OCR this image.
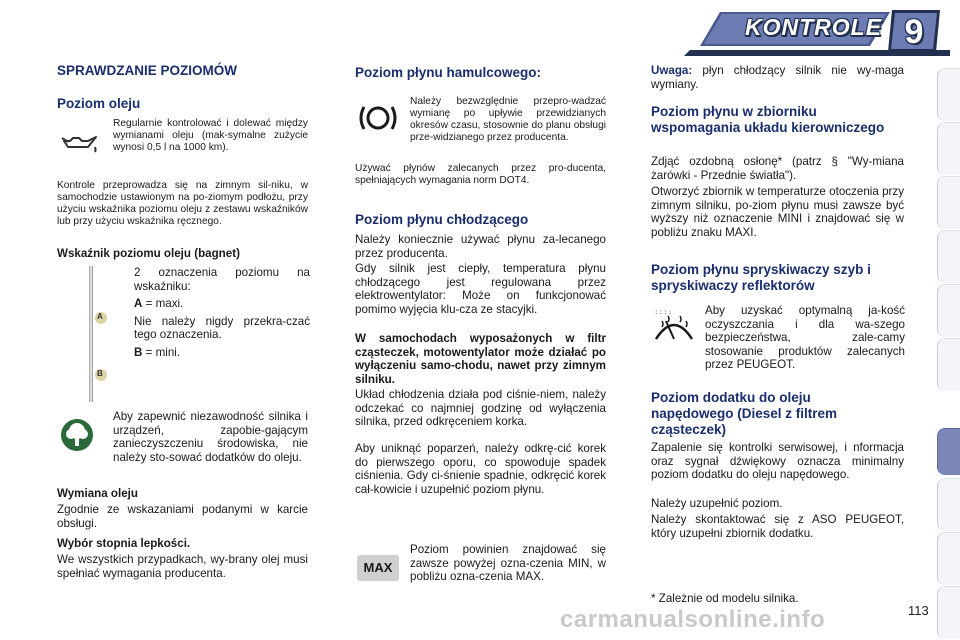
KONTROLE 9
SPRAWDZANIE POZIOMÓW
Poziom oleju
Regularnie kontrolować i dolewać między wymianami oleju (mak-symalne zużycie wynosi 0,5 l na 1000 km).
Kontrole przeprowadza się na zimnym sil-niku, w samochodzie ustawionym na po-ziomym podłożu, przy użyciu wskaźnika poziomu oleju z zestawu wskaźników lub przy użyciu wskaźnika ręcznego.
Wskaźnik poziomu oleju (bagnet)
A
B

2 oznaczenia poziomu na wskaźniku:

A = maxi.

Nie należy nigdy przekra-czać tego oznaczenia.

B = mini.

Aby zapewnić niezawodność silnika i urządzeń, zapobie-gającym zanieczyszczeniu środowiska, nie należy sto-sować dodatków do oleju.
Wymiana oleju
Zgodnie ze wskazaniami podanymi w karcie obsługi.
Wybór stopnia lepkości.
We wszystkich przypadkach, wy-brany olej musi spełniać wymagania producenta.
Poziom płynu hamulcowego:
Należy bezwzględnie przepro-wadzać wymianę po upływie przewidzianych okresów czasu, stosownie do planu obsługi prze-widzianego przez producenta.
Używać płynów zalecanych przez pro-ducenta, spełniających wymagania norm DOT4.
Poziom płynu chłodzącego
Należy koniecznie używać płynu za-lecanego przez producenta.
Gdy silnik jest ciepły, temperatura płynu chłodzącego jest regulowana przez elektrowentylator: Może on funkcjonować pomimo wyjęcia klu-cza ze stacyjki.
W samochodach wyposażonych w filtr cząsteczek, motowentylator może działać po wyłączeniu samo-chodu, nawet przy zimnym silniku.
Układ chłodzenia działa pod ciśnie-niem, należy odczekać co najmniej godzinę od wyłączenia silnika, przed odkręceniem korka.
Aby uniknąć poparzeń, należy odkrę-cić korek do pierwszego oporu, co spowoduje spadek ciśnienia. Gdy ci-śnienie spadnie, odkręcić korek cał-kowicie i uzupełnić poziom płynu.
MAX
Poziom powinien znajdować się zawsze powyżej ozna-czenia MIN, w pobliżu ozna-czenia MAX.
Uwaga: płyn chłodzący silnik nie wy-maga wymiany.
Poziom płynu w zbiorniku wspomagania układu kierowniczego
Zdjąć ozdobną osłonę* (patrz § "Wy-miana żarówki - Przednie światła").
Otworzyć zbiornik w temperaturze otoczenia przy zimnym silniku, po-ziom płynu musi zawsze być wyższy niż oznaczenie MINI i znajdować się w pobliżu znaku MAXI.
Poziom płynu spryskiwaczy szyb i spryskiwaczy reflektorów
: : : :	Aby uzyskać optymalną ja-kość oczyszczania i dla wa-szego bezpieczeństwa, zale-camy stosowanie produktów zalecanych przez PEUGEOT.
Poziom dodatku do oleju napędowego (Diesel z filtrem cząsteczek)
Zapalenie się kontrolki serwisowej, i nformacja oraz sygnał dźwiękowy oznacza minimalny poziom dodatku do oleju napędowego.
Należy uzupełnić poziom.
Należy skontaktować się z ASO PEUGEOT, który uzupełni zbiornik dodatku.
* Zależnie od modelu silnika.
carmanualsonline.info	113
